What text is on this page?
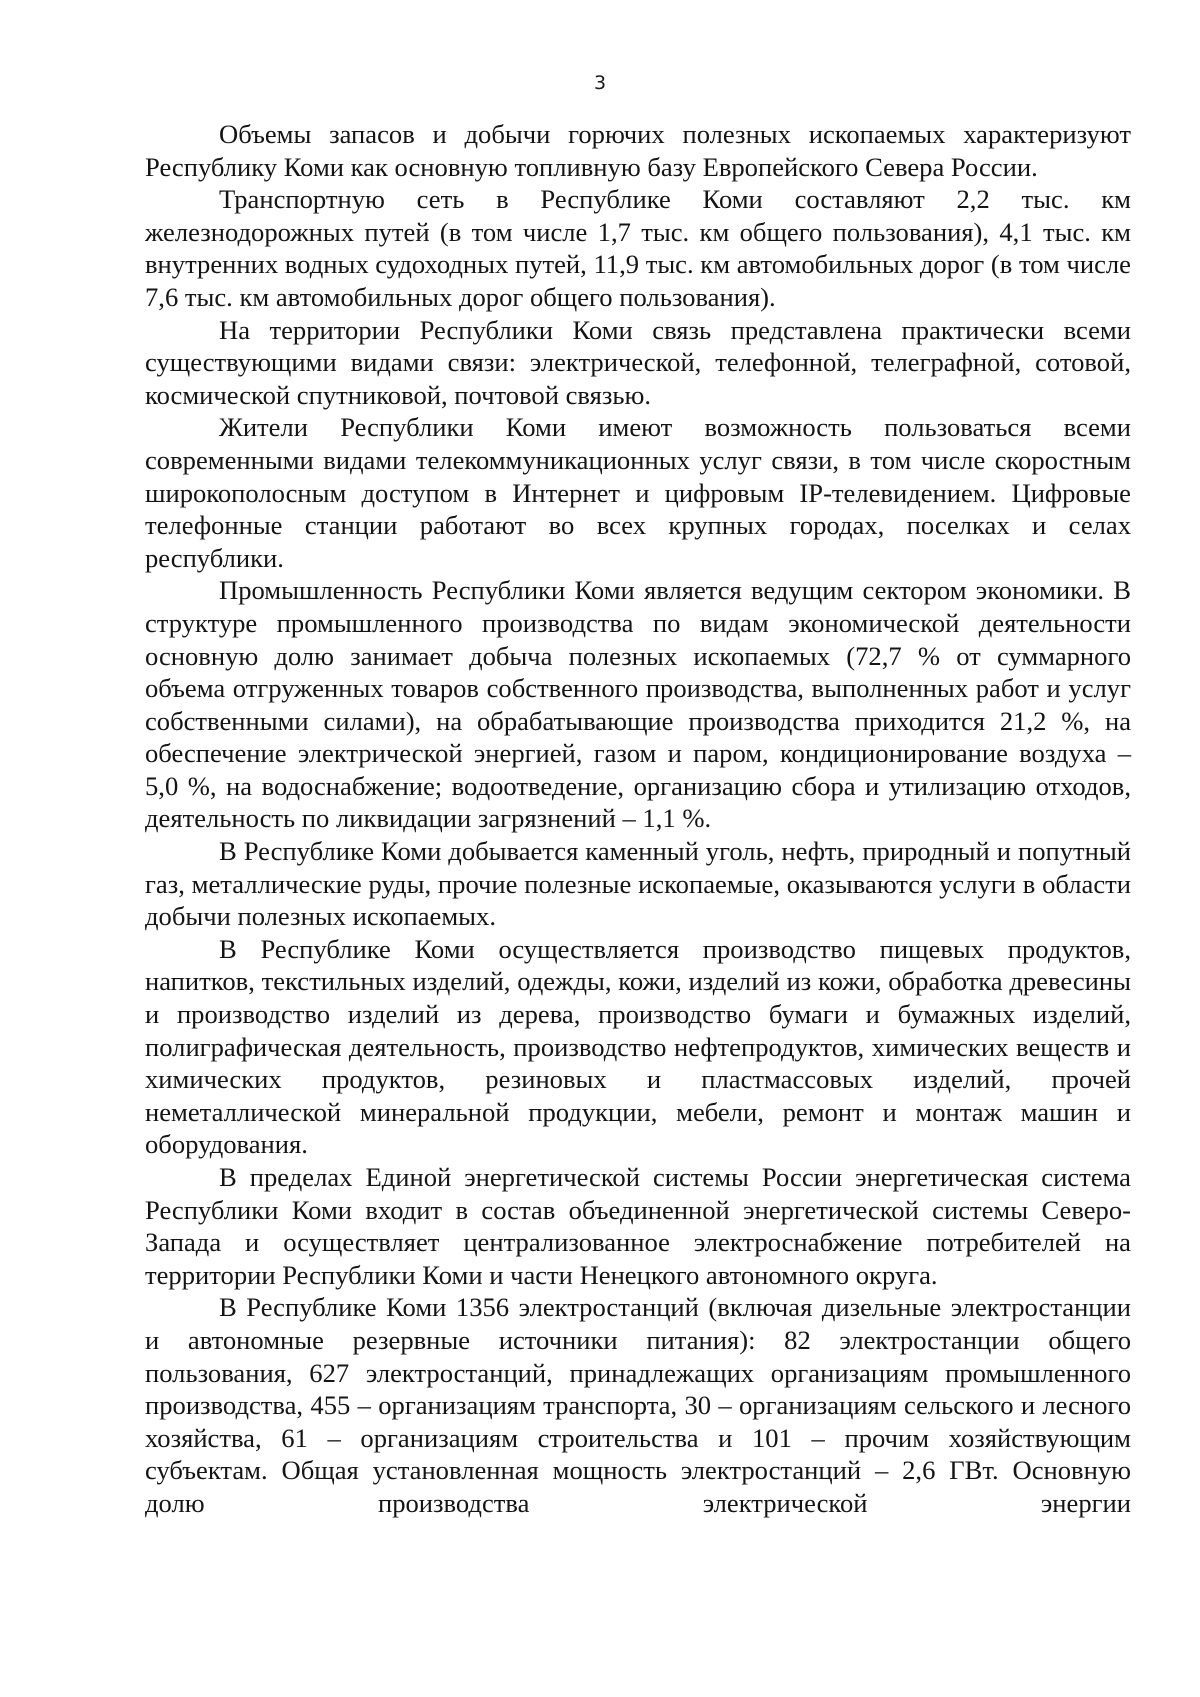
3

Объемы запасов и добычи горючих полезных ископаемых характеризуют Республику Коми как основную топливную базу Европейского Севера России.

Транспортную сеть в Республике Коми составляют 2,2 тыс. км железнодорожных путей (в том числе 1,7 тыс. км общего пользования), 4,1 тыс. км внутренних водных судоходных путей, 11,9 тыс. км автомобильных дорог (в том числе 7,6 тыс. км автомобильных дорог общего пользования).

На территории Республики Коми связь представлена практически всеми существующими видами связи: электрической, телефонной, телеграфной, сотовой, космической спутниковой, почтовой связью.

Жители Республики Коми имеют возможность пользоваться всеми современными видами телекоммуникационных услуг связи, в том числе скоростным широкополосным доступом в Интернет и цифровым IP-телевидением. Цифровые телефонные станции работают во всех крупных городах, поселках и селах республики.

Промышленность Республики Коми является ведущим сектором экономики. В структуре промышленного производства по видам экономической деятельности основную долю занимает добыча полезных ископаемых (72,7 % от суммарного объема отгруженных товаров собственного производства, выполненных работ и услуг собственными силами), на обрабатывающие производства приходится 21,2 %, на обеспечение электрической энергией, газом и паром, кондиционирование воздуха – 5,0 %, на водоснабжение; водоотведение, организацию сбора и утилизацию отходов, деятельность по ликвидации загрязнений – 1,1 %.

В Республике Коми добывается каменный уголь, нефть, природный и попутный газ, металлические руды, прочие полезные ископаемые, оказываются услуги в области добычи полезных ископаемых.

В Республике Коми осуществляется производство пищевых продуктов, напитков, текстильных изделий, одежды, кожи, изделий из кожи, обработка древесины и производство изделий из дерева, производство бумаги и бумажных изделий, полиграфическая деятельность, производство нефтепродуктов, химических веществ и химических продуктов, резиновых и пластмассовых изделий, прочей неметаллической минеральной продукции, мебели, ремонт и монтаж машин и оборудования.

В пределах Единой энергетической системы России энергетическая система Республики Коми входит в состав объединенной энергетической системы Северо-Запада и осуществляет централизованное электроснабжение потребителей на территории Республики Коми и части Ненецкого автономного округа.

В Республике Коми 1356 электростанций (включая дизельные электростанции и автономные резервные источники питания): 82 электростанции общего пользования, 627 электростанций, принадлежащих организациям промышленного производства, 455 – организациям транспорта, 30 – организациям сельского и лесного хозяйства, 61 – организациям строительства и 101 – прочим хозяйствующим субъектам. Общая установленная мощность электростанций – 2,6 ГВт. Основную долю производства электрической энергии
